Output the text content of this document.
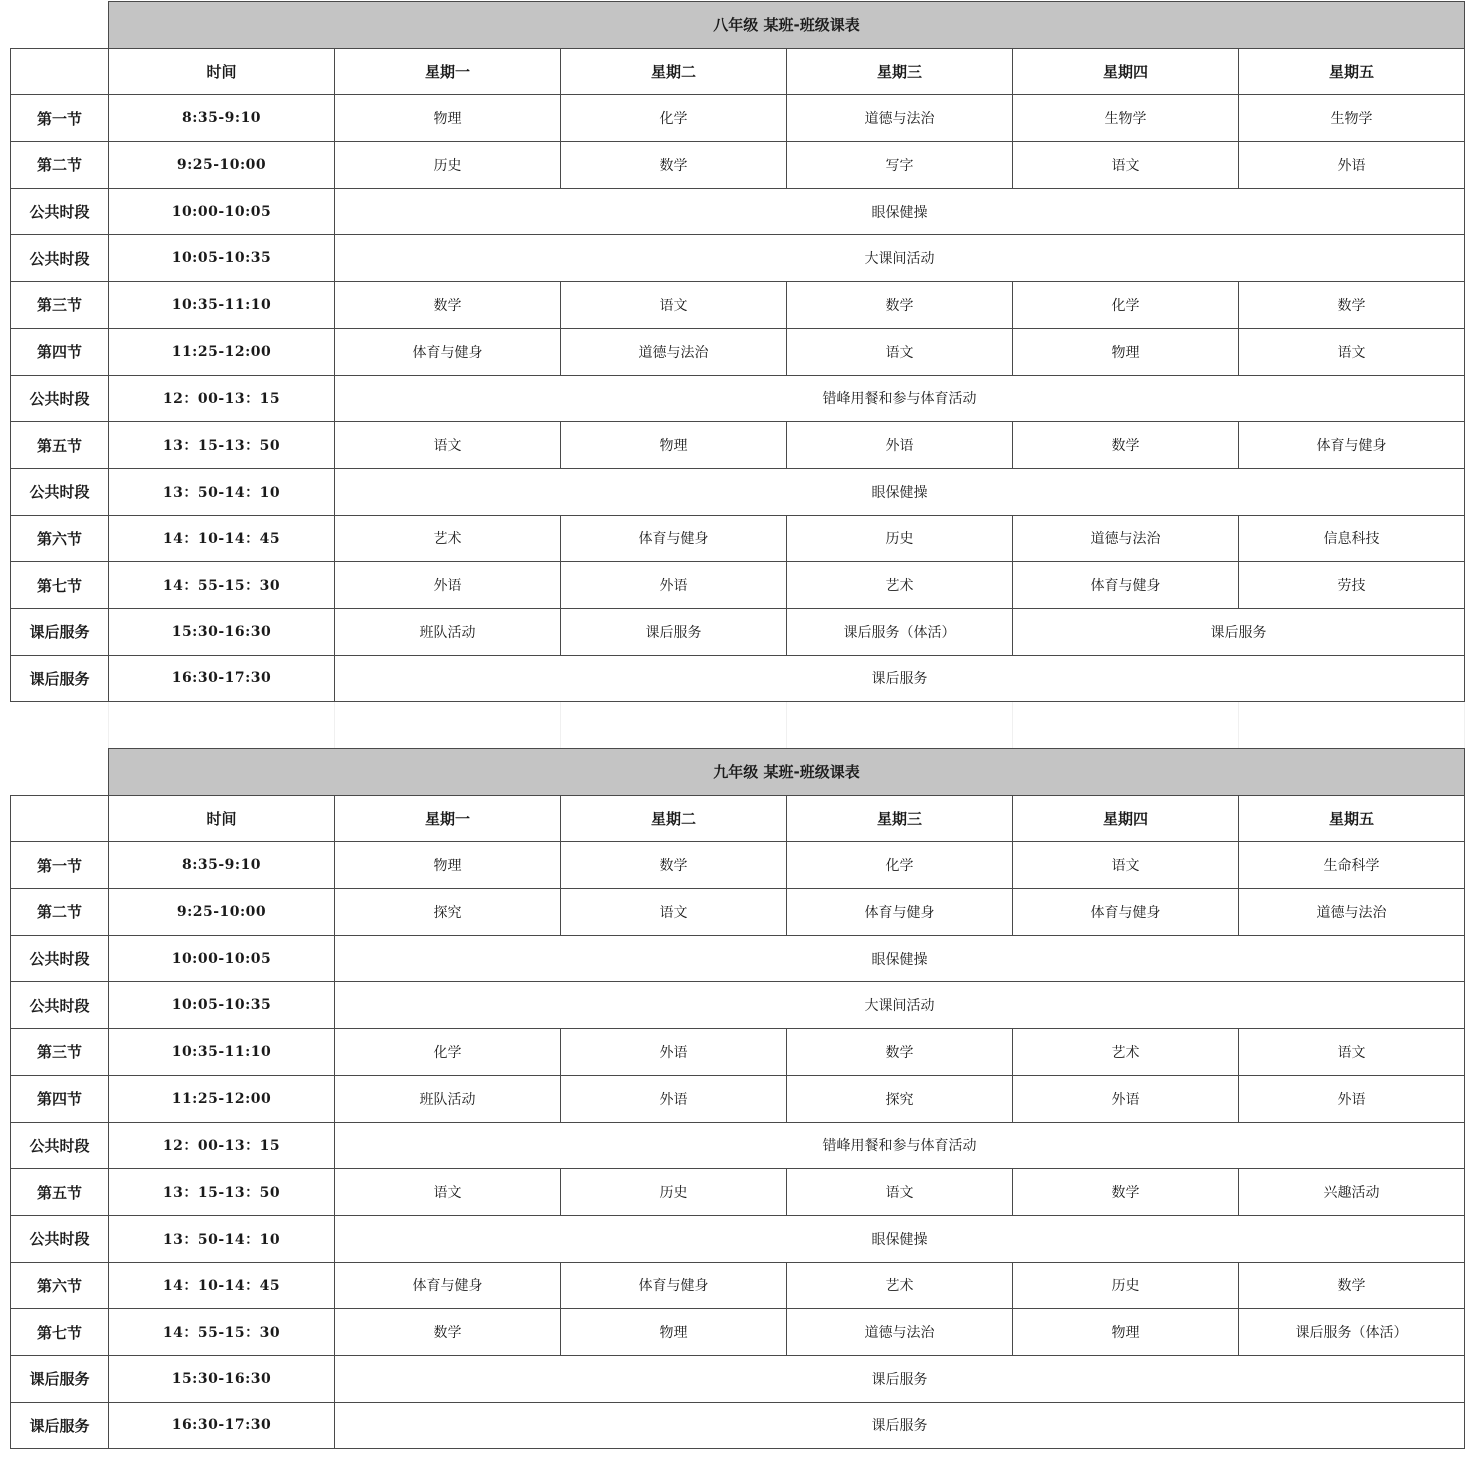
	八年级 某班-班级课表					
	时间	星期一	星期二	星期三	星期四	星期五
第一节	8:35-9:10	物理	化学	道德与法治	生物学	生物学
第二节	9:25-10:00	历史	数学	写字	语文	外语
公共时段	10:00-10:05	眼保健操				
公共时段	10:05-10:35	大课间活动				
第三节	10:35-11:10	数学	语文	数学	化学	数学
第四节	11:25-12:00	体育与健身	道德与法治	语文	物理	语文
公共时段	12：00-13：15	错峰用餐和参与体育活动				
第五节	13：15-13：50	语文	物理	外语	数学	体育与健身
公共时段	13：50-14：10	眼保健操				
第六节	14：10-14：45	艺术	体育与健身	历史	道德与法治	信息科技
第七节	14：55-15：30	外语	外语	艺术	体育与健身	劳技
课后服务	15:30-16:30	班队活动	课后服务	课后服务（体活）	课后服务	
课后服务	16:30-17:30	课后服务				
	九年级 某班-班级课表					
	时间	星期一	星期二	星期三	星期四	星期五
第一节	8:35-9:10	物理	数学	化学	语文	生命科学
第二节	9:25-10:00	探究	语文	体育与健身	体育与健身	道德与法治
公共时段	10:00-10:05	眼保健操				
公共时段	10:05-10:35	大课间活动				
第三节	10:35-11:10	化学	外语	数学	艺术	语文
第四节	11:25-12:00	班队活动	外语	探究	外语	外语
公共时段	12：00-13：15	错峰用餐和参与体育活动				
第五节	13：15-13：50	语文	历史	语文	数学	兴趣活动
公共时段	13：50-14：10	眼保健操				
第六节	14：10-14：45	体育与健身	体育与健身	艺术	历史	数学
第七节	14：55-15：30	数学	物理	道德与法治	物理	课后服务（体活）
课后服务	15:30-16:30	课后服务				
课后服务	16:30-17:30	课后服务				
